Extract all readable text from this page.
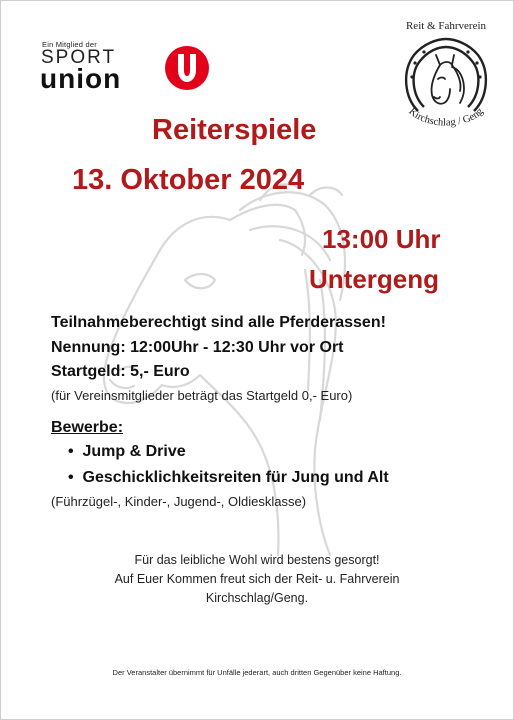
Ein Mitglied der
SPORT
union
Reit & Fahrverein
Kirchschlag / Geng
Reiterspiele
13. Oktober 2024
13:00 Uhr
Untergeng
Teilnahmeberechtigt sind alle Pferderassen!
Nennung: 12:00Uhr - 12:30 Uhr vor Ort
Startgeld: 5,- Euro
(für Vereinsmitglieder beträgt das Startgeld 0,- Euro)
Bewerbe:
•  Jump & Drive
•  Geschicklichkeitsreiten für Jung und Alt
(Führzügel-, Kinder-, Jugend-, Oldiesklasse)
Für das leibliche Wohl wird bestens gesorgt!
Auf Euer Kommen freut sich der Reit- u. Fahrverein
Kirchschlag/Geng.
Der Veranstalter übernimmt für Unfälle jederart, auch dritten Gegenüber keine Haftung.
